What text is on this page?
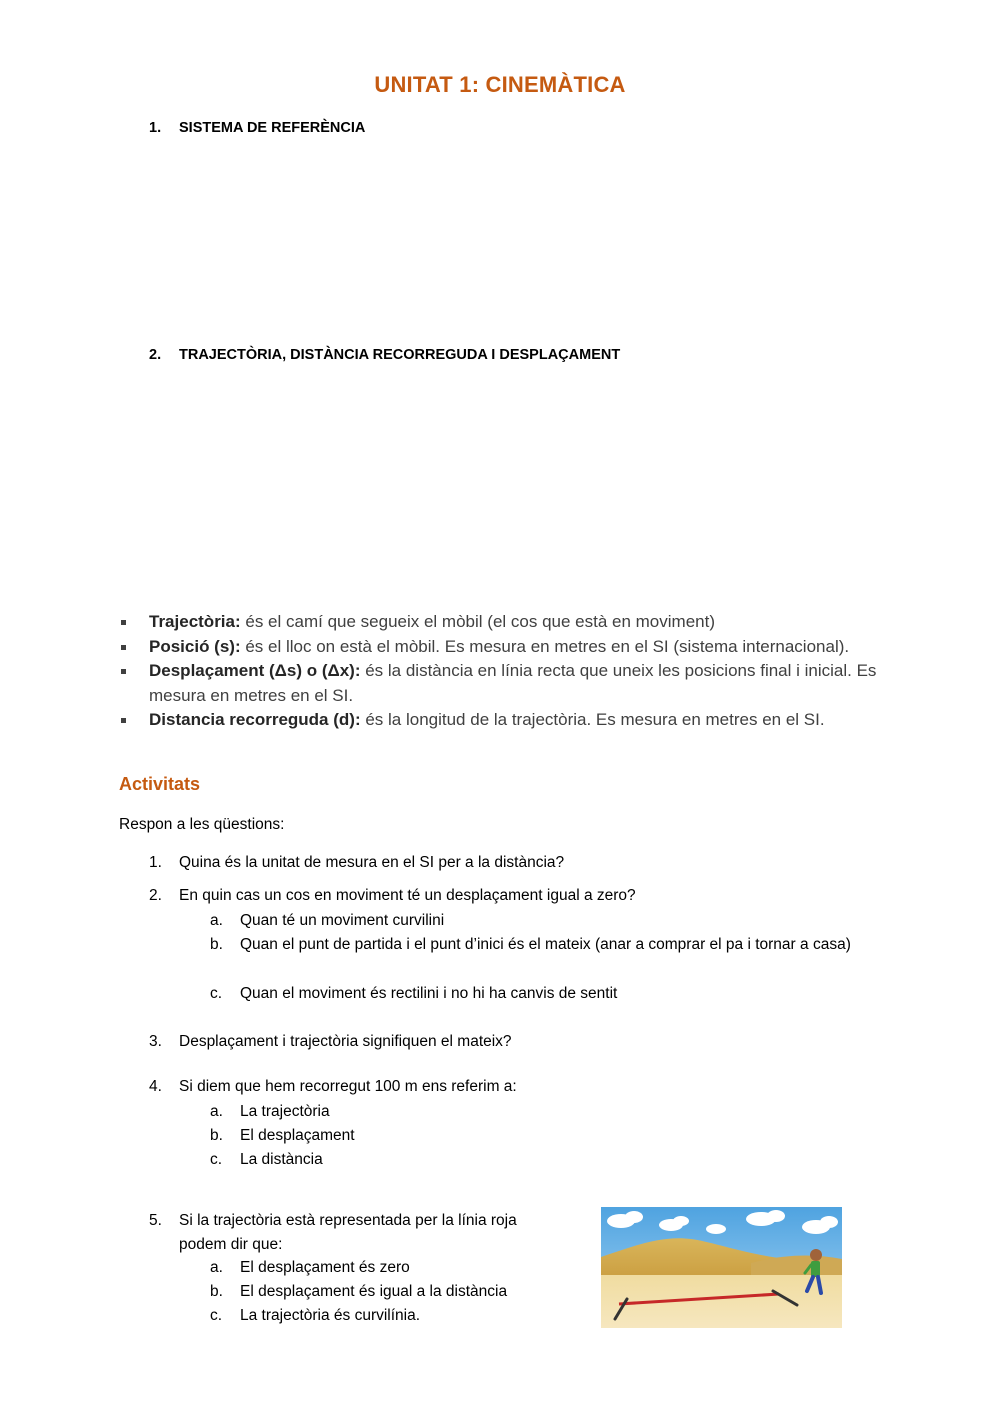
UNITAT 1: CINEMÀTICA
1. SISTEMA DE REFERÈNCIA
2. TRAJECTÒRIA, DISTÀNCIA RECORREGUDA I DESPLAÇAMENT
Trajectòria: és el camí que segueix el mòbil (el cos que està en moviment)
Posició (s): és el lloc on està el mòbil. Es mesura en metres en el SI (sistema internacional).
Desplaçament (Δs) o (Δx): és la distància en línia recta que uneix les posicions final i inicial. Es mesura en metres en el SI.
Distancia recorreguda (d): és la longitud de la trajectòria. Es mesura en metres en el SI.
Activitats
Respon a les qüestions:
1. Quina és la unitat de mesura en el SI per a la distància?
2. En quin cas un cos en moviment té un desplaçament igual a zero?
a. Quan té un moviment curvilini
b. Quan el punt de partida i el punt d’inici és el mateix (anar a comprar el pa i tornar a casa)
c. Quan el moviment és rectilini i no hi ha canvis de sentit
3. Desplaçament i trajectòria signifiquen el mateix?
4. Si diem que hem recorregut 100 m ens referim a:
a. La trajectòria
b. El desplaçament
c. La distància
5.	Si la trajectòria està representada per la línia roja podem dir que:
a. El desplaçament és zero
b. El desplaçament és igual a la distància
c. La trajectòria és curvilínia.
